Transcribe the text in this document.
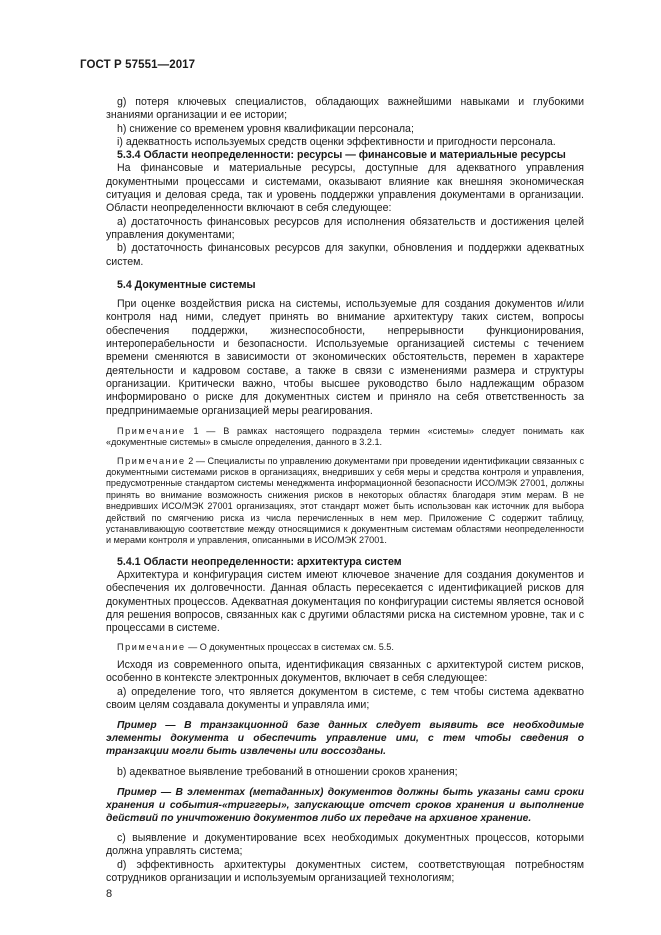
ГОСТ Р 57551—2017

g) потеря ключевых специалистов, обладающих важнейшими навыками и глубокими знаниями организации и ее истории;

h) снижение со временем уровня квалификации персонала;

i) адекватность используемых средств оценки эффективности и пригодности персонала.

5.3.4 Области неопределенности: ресурсы — финансовые и материальные ресурсы

На финансовые и материальные ресурсы, доступные для адекватного управления документными процессами и системами, оказывают влияние как внешняя экономическая ситуация и деловая среда, так и уровень поддержки управления документами в организации. Области неопределенности включают в себя следующее:

a) достаточность финансовых ресурсов для исполнения обязательств и достижения целей управления документами;

b) достаточность финансовых ресурсов для закупки, обновления и поддержки адекватных систем.

5.4 Документные системы

При оценке воздействия риска на системы, используемые для создания документов и/или контроля над ними, следует принять во внимание архитектуру таких систем, вопросы обеспечения поддержки, жизнеспособности, непрерывности функционирования, интероперабельности и безопасности. Используемые организацией системы с течением времени сменяются в зависимости от экономических обстоятельств, перемен в характере деятельности и кадровом составе, а также в связи с изменениями размера и структуры организации. Критически важно, чтобы высшее руководство было надлежащим образом информировано о риске для документных систем и приняло на себя ответственность за предпринимаемые организацией меры реагирования.

Примечание 1 — В рамках настоящего подраздела термин «системы» следует понимать как «документные системы» в смысле определения, данного в 3.2.1.

Примечание 2 — Специалисты по управлению документами при проведении идентификации связанных с документными системами рисков в организациях, внедривших у себя меры и средства контроля и управления, предусмотренные стандартом системы менеджмента информационной безопасности ИСО/МЭК 27001, должны принять во внимание возможность снижения рисков в некоторых областях благодаря этим мерам. В не внедривших ИСО/МЭК 27001 организациях, этот стандарт может быть использован как источник для выбора действий по смягчению риска из числа перечисленных в нем мер. Приложение С содержит таблицу, устанавливающую соответствие между относящимися к документным системам областями неопределенности и мерами контроля и управления, описанными в ИСО/МЭК 27001.

5.4.1 Области неопределенности: архитектура систем

Архитектура и конфигурация систем имеют ключевое значение для создания документов и обеспечения их долговечности. Данная область пересекается с идентификацией рисков для документных процессов. Адекватная документация по конфигурации системы является основой для решения вопросов, связанных как с другими областями риска на системном уровне, так и с процессами в системе.

Примечание — О документных процессах в системах см. 5.5.

Исходя из современного опыта, идентификация связанных с архитектурой систем рисков, особенно в контексте электронных документов, включает в себя следующее:

a) определение того, что является документом в системе, с тем чтобы система адекватно своим целям создавала документы и управляла ими;

Пример — В транзакционной базе данных следует выявить все необходимые элементы документа и обеспечить управление ими, с тем чтобы сведения о транзакции могли быть извлечены или воссозданы.

b) адекватное выявление требований в отношении сроков хранения;

Пример — В элементах (метаданных) документов должны быть указаны сами сроки хранения и события-«триггеры», запускающие отсчет сроков хранения и выполнение действий по уничтожению документов либо их передаче на архивное хранение.

c) выявление и документирование всех необходимых документных процессов, которыми должна управлять система;

d) эффективность архитектуры документных систем, соответствующая потребностям сотрудников организации и используемым организацией технологиям;

8
